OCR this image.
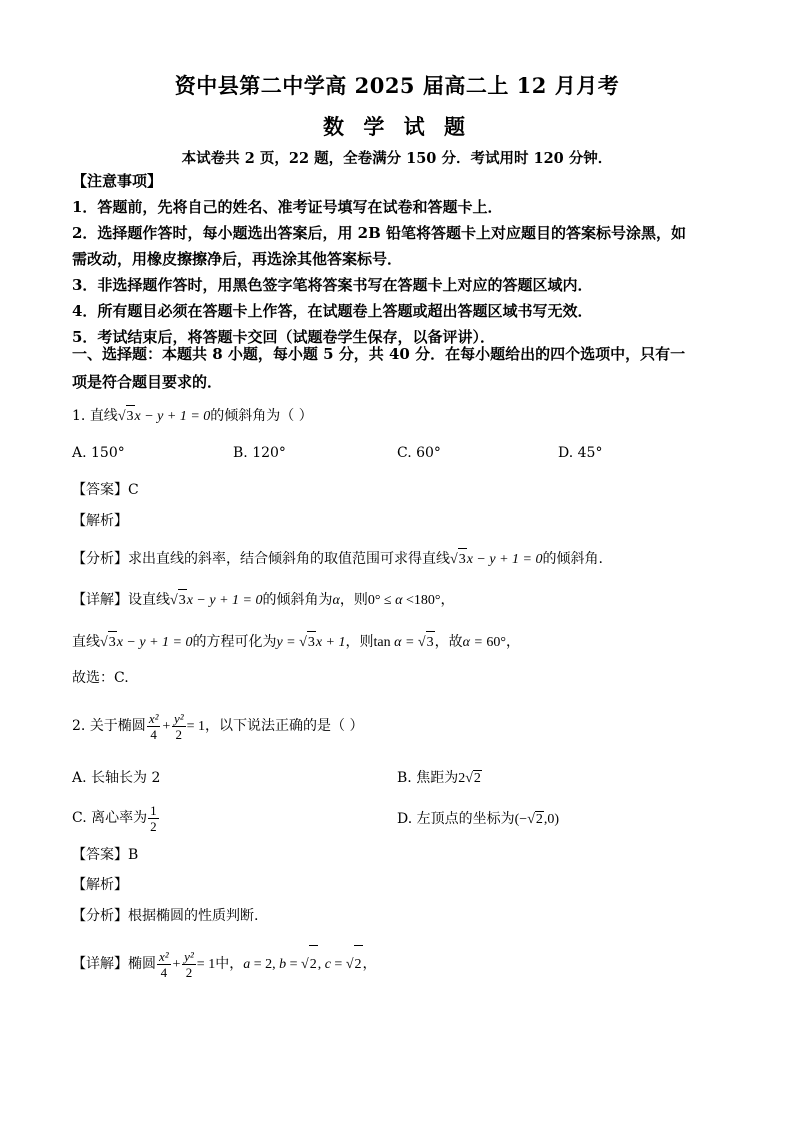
资中县第二中学高 2025 届高二上 12 月月考
数 学 试 题
本试卷共 2 页，22 题，全卷满分 150 分．考试用时 120 分钟．
【注意事项】
1．答题前，先将自己的姓名、准考证号填写在试卷和答题卡上．
2．选择题作答时，每小题选出答案后，用 2B 铅笔将答题卡上对应题目的答案标号涂黑，如
需改动，用橡皮擦擦净后，再选涂其他答案标号．
3．非选择题作答时，用黑色签字笔将答案书写在答题卡上对应的答题区域内．
4．所有题目必须在答题卡上作答，在试题卷上答题或超出答题区域书写无效．
5．考试结束后，将答题卡交回（试题卷学生保存，以备评讲）．
一、选择题：本题共 8 小题，每小题 5 分，共 40 分．在每小题给出的四个选项中，只有一
项是符合题目要求的．
1. 直线√3x − y + 1 = 0的倾斜角为（ ）
A. 150°	B. 120°	C. 60°	D. 45°
【答案】C
【解析】
【分析】求出直线的斜率，结合倾斜角的取值范围可求得直线√3x − y + 1 = 0的倾斜角.
【详解】设直线√3x − y + 1 = 0的倾斜角为α，则0° ≤ α <180°，
直线√3x − y + 1 = 0的方程可化为y = √3x + 1，则tan α = √3，故α = 60°，
故选：C.
2. 关于椭圆 $\frac{\text{x²}}{4} + \frac{\text{y²}}{2} = 1$，以下说法正确的是（ ）
A. 长轴长为 2	B. 焦距为2√2
C. 离心率为 $\frac{1}{2}$	D. 左顶点的坐标为(−√2,0)
【答案】B
【解析】
【分析】根据椭圆的性质判断.
【详解】椭圆 $\frac{\text{x²}}{4} + \frac{\text{y²}}{2} = 1$中，a = 2, b = √2, c = √2，
